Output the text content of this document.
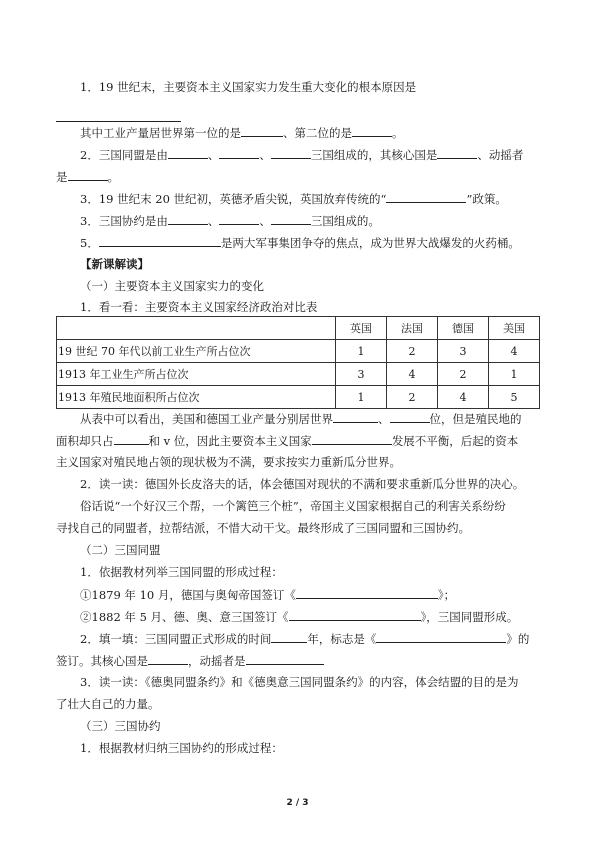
1．19 世纪末，主要资本主义国家实力发生重大变化的根本原因是
其中工业产量居世界第一位的是	、第二位的是	。
2．三国同盟是由	、	、	三国组成的，其核心国是	、动摇者
是	。
3．19 世纪末 20 世纪初，英德矛盾尖锐，英国放弃传统的“	”政策。
3．三国协约是由	、	、	三国组成的。
5．	是两大军事集团争夺的焦点，成为世界大战爆发的火药桶。
【新课解读】
（一）主要资本主义国家实力的变化
1．看一看：主要资本主义国家经济政治对比表
	英国	法国	德国	美国
19 世纪 70 年代以前工业生产所占位次	1	2	3	4
1913 年工业生产所占位次	3	4	2	1
1913 年殖民地面积所占位次	1	2	4	5
从表中可以看出，美国和德国工业产量分别居世界	、	位，但是殖民地的
面积却只占	和 v 位，因此主要资本主义国家	发展不平衡，后起的资本
主义国家对殖民地占领的现状极为不满，要求按实力重新瓜分世界。
2．读一读：德国外长皮洛夫的话，体会德国对现状的不满和要求重新瓜分世界的决心。
俗话说“一个好汉三个帮，一个篱笆三个桩”，帝国主义国家根据自己的利害关系纷纷
寻找自己的同盟者，拉帮结派，不惜大动干戈。最终形成了三国同盟和三国协约。
（二）三国同盟
1．依据教材列举三国同盟的形成过程：
①1879 年 10 月，德国与奥匈帝国签订《	》；
②1882 年 5 月、德、奥、意三国签订《	》，三国同盟形成。
2．填一填：三国同盟正式形成的时间	年，标志是《	》的
签订。其核心国是	，动摇者是
3．读一读：《德奥同盟条约》和《德奥意三国同盟条约》的内容，体会结盟的目的是为
了壮大自己的力量。
（三）三国协约
1．根据教材归纳三国协约的形成过程：
2 / 3
